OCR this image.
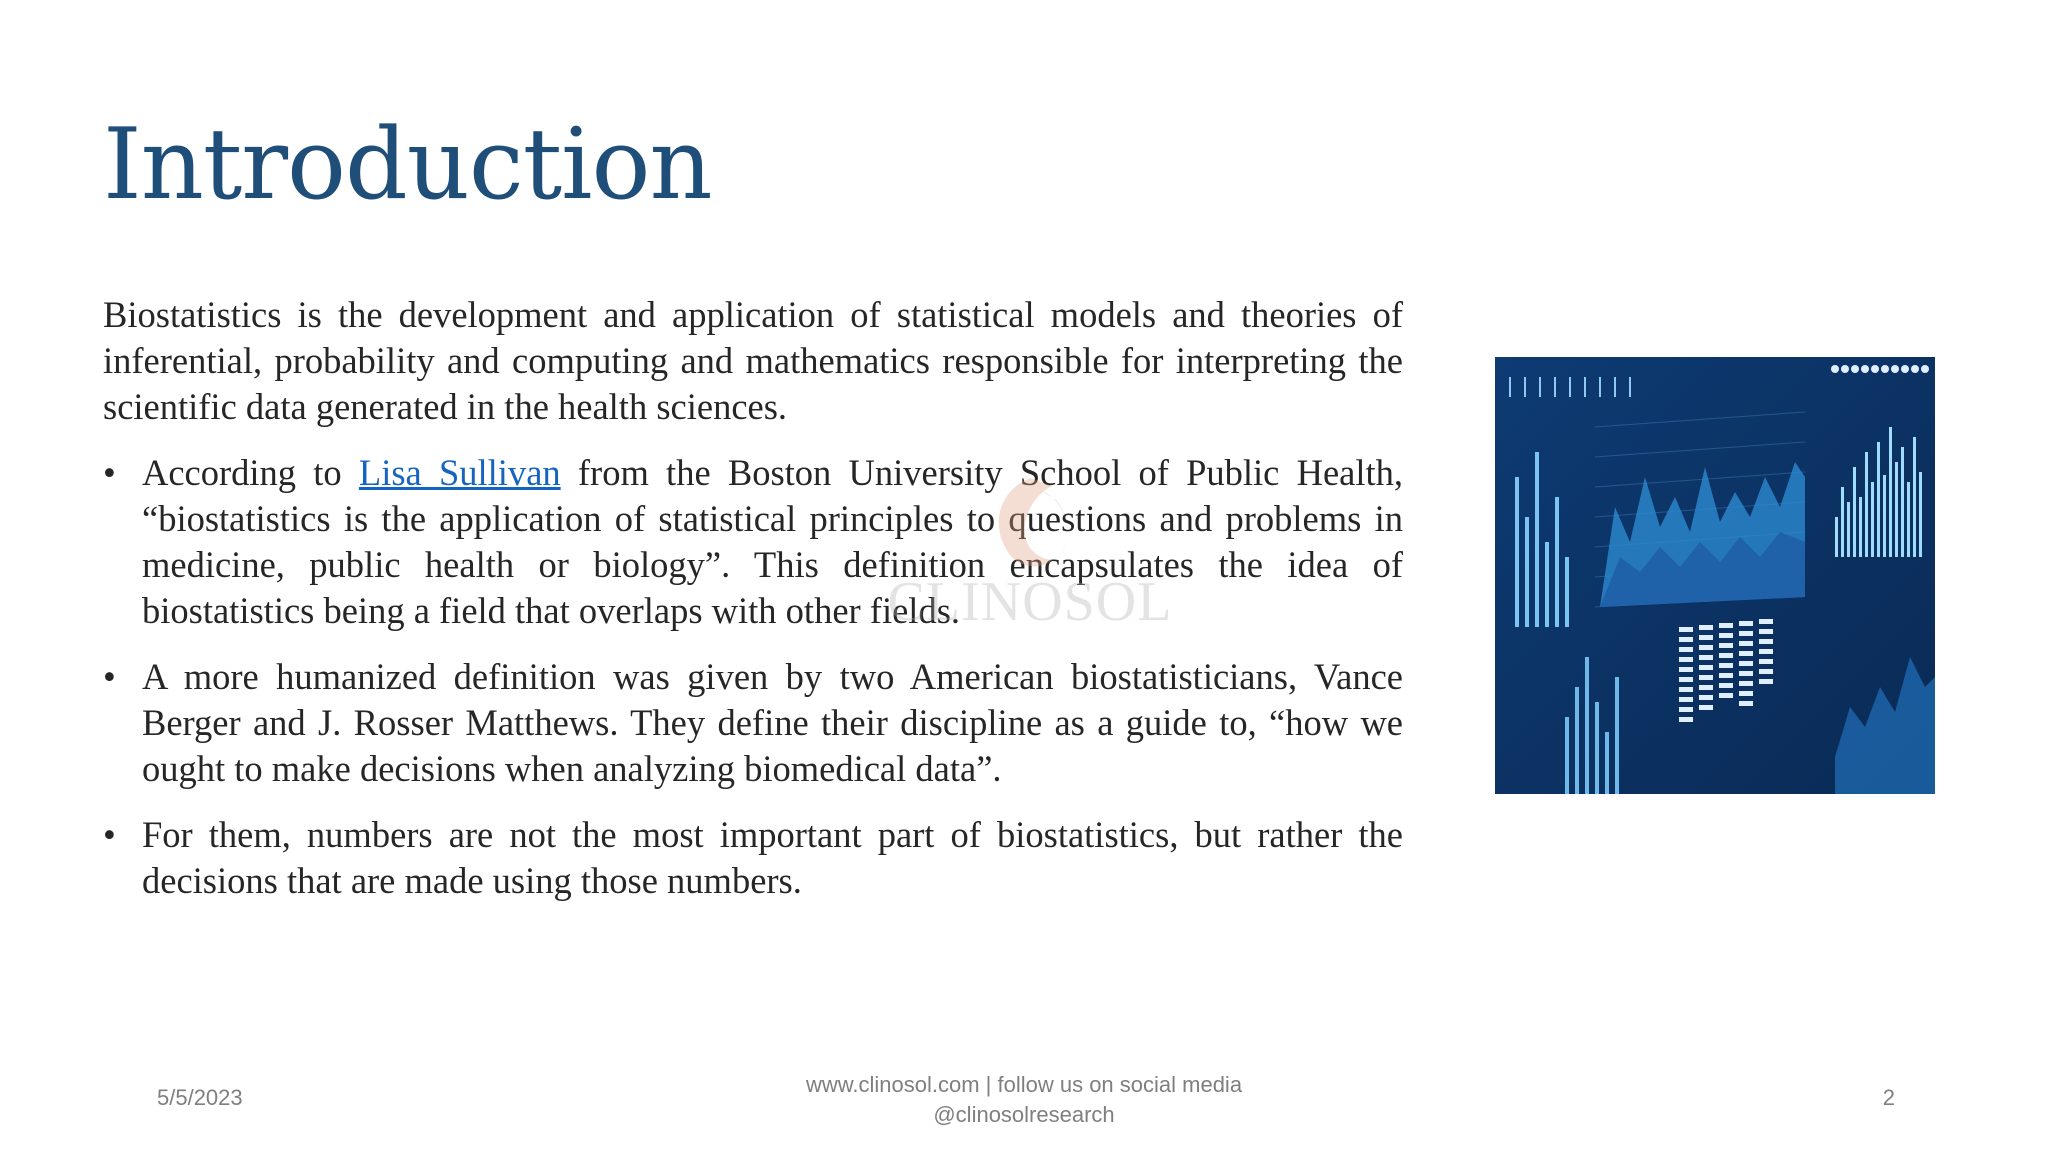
Introduction

Biostatistics is the development and application of statistical models and theories of inferential, probability and computing and mathematics responsible for interpreting the scientific data generated in the health sciences.

• According to Lisa Sullivan from the Boston University School of Public Health, “biostatistics is the application of statistical principles to questions and problems in medicine, public health or biology”. This definition encapsulates the idea of biostatistics being a field that overlaps with other fields.
• A more humanized definition was given by two American biostatisticians, Vance Berger and J. Rosser Matthews. They define their discipline as a guide to, “how we ought to make decisions when analyzing biomedical data”.
• For them, numbers are not the most important part of biostatistics, but rather the decisions that are made using those numbers.
CLINOSOL
5/5/2023
www.clinosol.com | follow us on social media
@clinosolresearch
2
